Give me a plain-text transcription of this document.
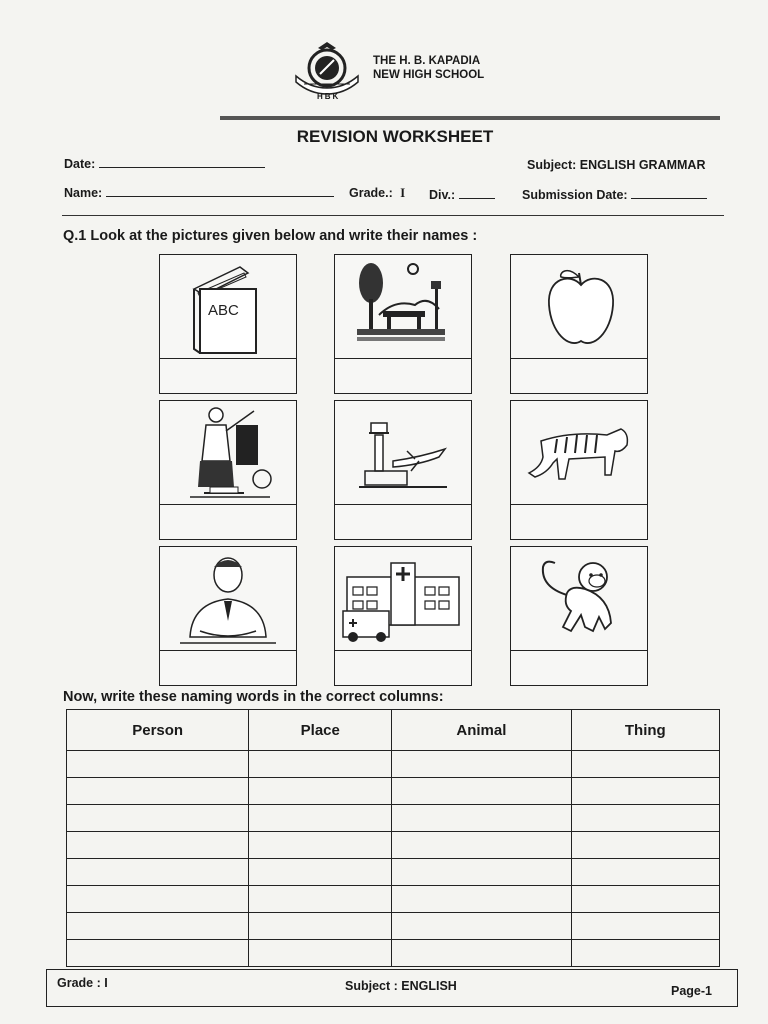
THE H. B. KAPADIA
NEW HIGH SCHOOL
HBK
REVISION WORKSHEET
Date:	Subject: ENGLISH GRAMMAR
Name:	Grade.: I Div.:	Submission Date:
Q.1 Look at the pictures given below and write their names :
ABC
Now, write these naming words in the correct columns:
Person	Place	Animal	Thing

Grade : I	Subject : ENGLISH	Page-1
